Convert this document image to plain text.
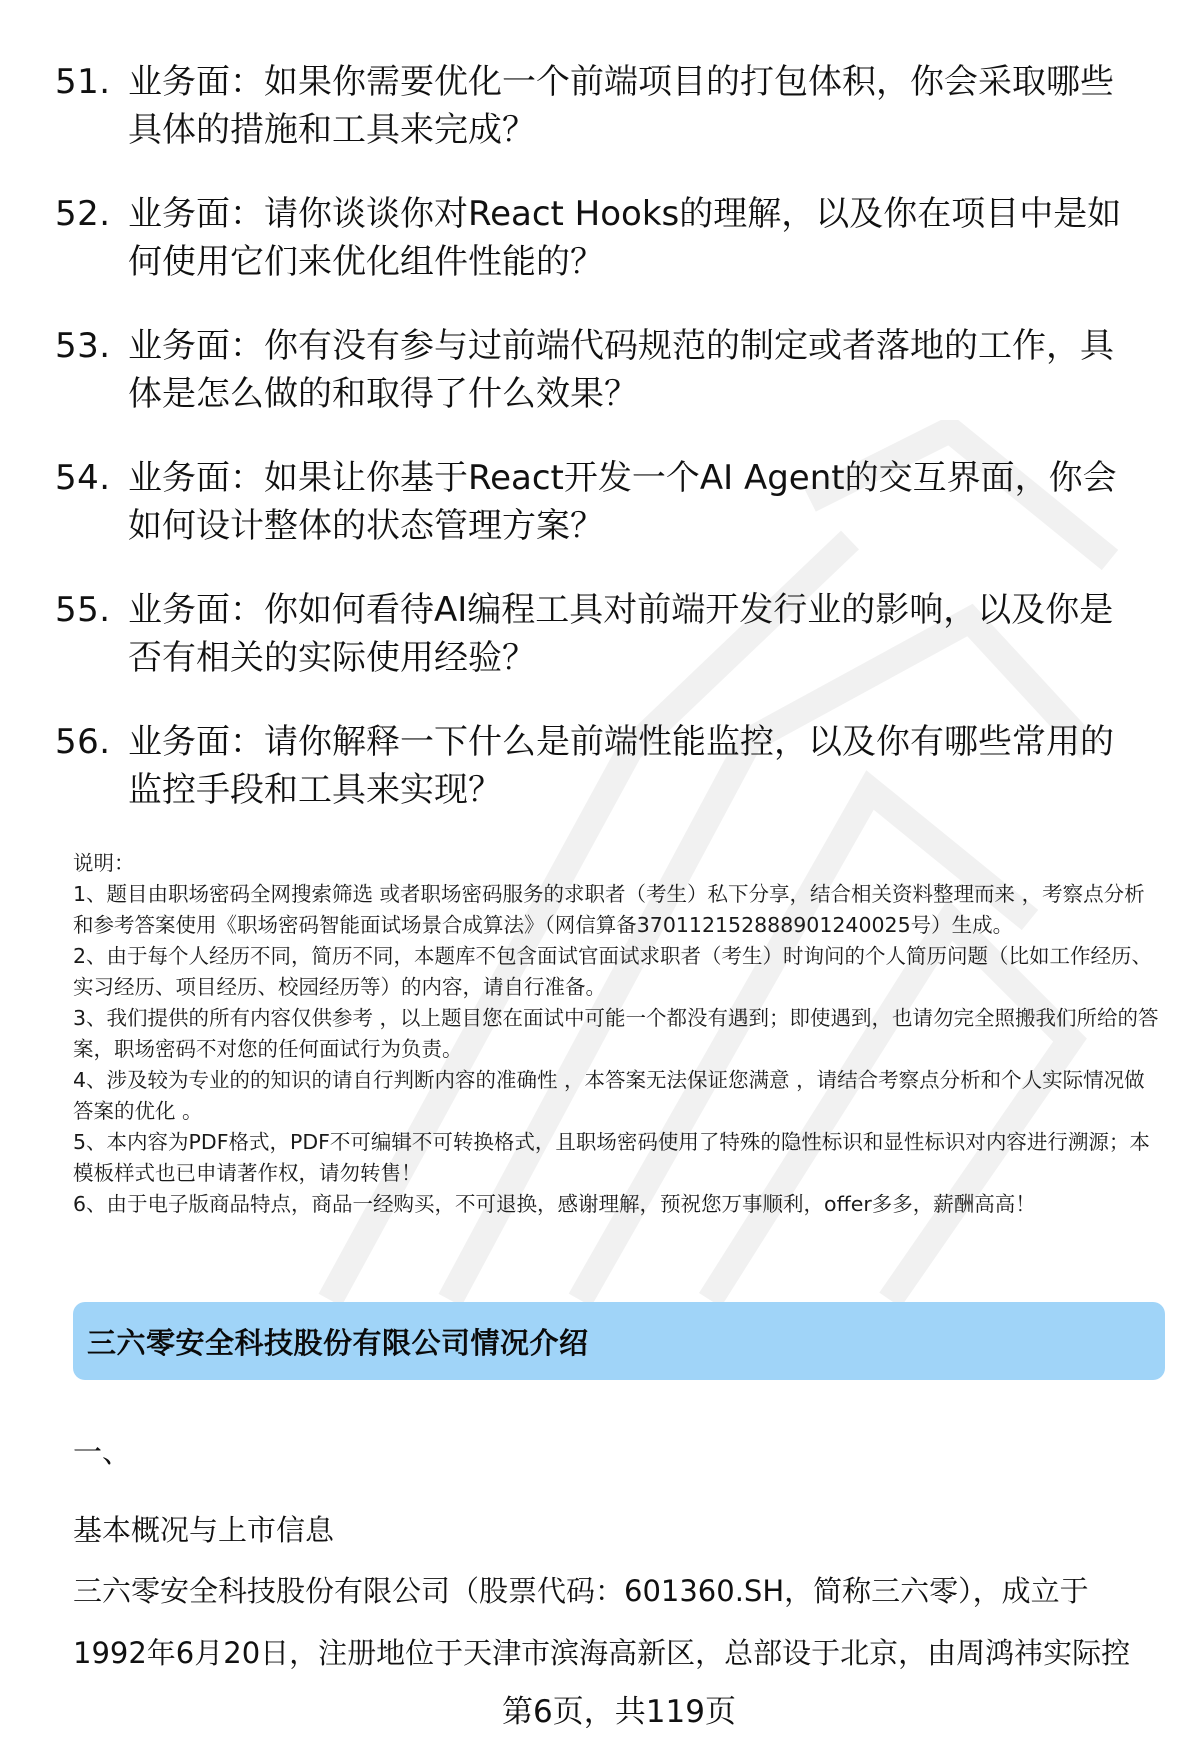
51. 业务面：如果你需要优化一个前端项目的打包体积，你会采取哪些具体的措施和工具来完成？
52. 业务面：请你谈谈你对React Hooks的理解，以及你在项目中是如何使用它们来优化组件性能的？
53. 业务面：你有没有参与过前端代码规范的制定或者落地的工作，具体是怎么做的和取得了什么效果？
54. 业务面：如果让你基于React开发一个AI Agent的交互界面，你会如何设计整体的状态管理方案？
55. 业务面：你如何看待AI编程工具对前端开发行业的影响，以及你是否有相关的实际使用经验？
56. 业务面：请你解释一下什么是前端性能监控，以及你有哪些常用的监控手段和工具来实现？

说明：

1、题目由职场密码全网搜索筛选 或者职场密码服务的求职者（考生）私下分享，结合相关资料整理而来 ，考察点分析和参考答案使用《职场密码智能面试场景合成算法》（网信算备370112152888901240025号）生成。

2、由于每个人经历不同，简历不同，本题库不包含面试官面试求职者（考生）时询问的个人简历问题（比如工作经历、实习经历、项目经历、校园经历等）的内容，请自行准备。

3、我们提供的所有内容仅供参考 ，以上题目您在面试中可能一个都没有遇到；即使遇到，也请勿完全照搬我们所给的答案，职场密码不对您的任何面试行为负责。

4、涉及较为专业的的知识的请自行判断内容的准确性 ，本答案无法保证您满意 ，请结合考察点分析和个人实际情况做答案的优化 。

5、本内容为PDF格式，PDF不可编辑不可转换格式，且职场密码使用了特殊的隐性标识和显性标识对内容进行溯源；本模板样式也已申请著作权，请勿转售！

6、由于电子版商品特点，商品一经购买，不可退换，感谢理解，预祝您万事顺利，offer多多，薪酬高高！

三六零安全科技股份有限公司情况介绍
一、
基本概况与上市信息

三六零安全科技股份有限公司（股票代码：601360.SH，简称三六零），成立于

1992年6月20日，注册地位于天津市滨海高新区，总部设于北京，由周鸿祎实际控

第6页，共119页
